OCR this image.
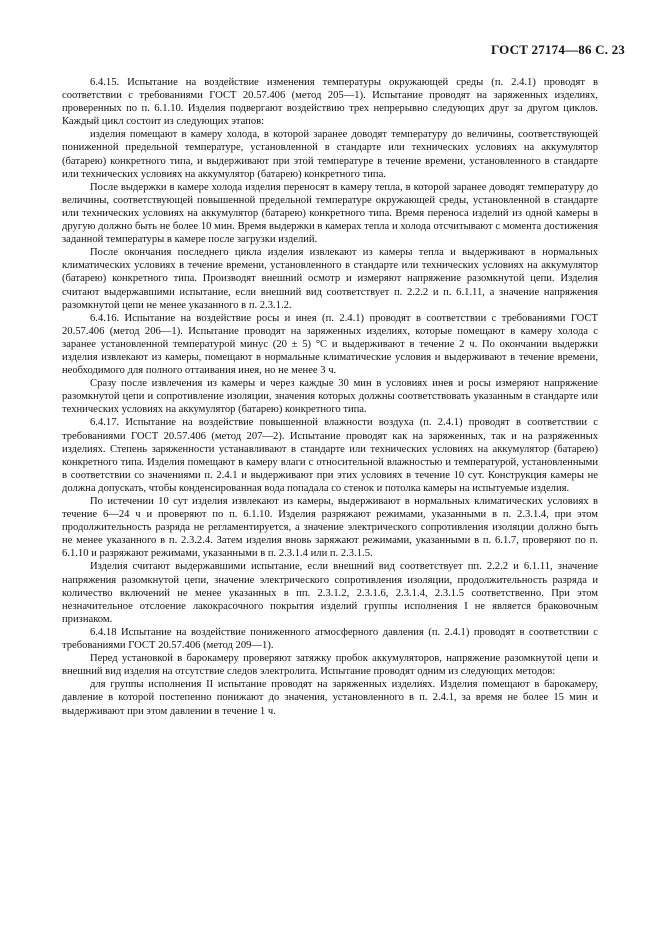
ГОСТ 27174—86 С. 23

6.4.15. Испытание на воздействие изменения температуры окружающей среды (п. 2.4.1) проводят в соответствии с требованиями ГОСТ 20.57.406 (метод 205—1). Испытание проводят на заряженных изделиях, проверенных по п. 6.1.10. Изделия подвергают воздействию трех непрерывно следующих друг за другом циклов. Каждый цикл состоит из следующих этапов:

изделия помещают в камеру холода, в которой заранее доводят температуру до величины, соответствующей пониженной предельной температуре, установленной в стандарте или технических условиях на аккумулятор (батарею) конкретного типа, и выдерживают при этой температуре в течение времени, установленного в стандарте или технических условиях на аккумулятор (батарею) конкретного типа.

После выдержки в камере холода изделия переносят в камеру тепла, в которой заранее доводят температуру до величины, соответствующей повышенной предельной температуре окружающей среды, установленной в стандарте или технических условиях на аккумулятор (батарею) конкретного типа. Время переноса изделий из одной камеры в другую должно быть не более 10 мин. Время выдержки в камерах тепла и холода отсчитывают с момента достижения заданной температуры в камере после загрузки изделий.

После окончания последнего цикла изделия извлекают из камеры тепла и выдерживают в нормальных климатических условиях в течение времени, установленного в стандарте или технических условиях на аккумулятор (батарею) конкретного типа. Производят внешний осмотр и измеряют напряжение разомкнутой цепи. Изделия считают выдержавшими испытание, если внешний вид соответствует п. 2.2.2 и п. 6.1.11, а значение напряжения разомкнутой цепи не менее указанного в п. 2.3.1.2.

6.4.16. Испытание на воздействие росы и инея (п. 2.4.1) проводят в соответствии с требованиями ГОСТ 20.57.406 (метод 206—1). Испытание проводят на заряженных изделиях, которые помещают в камеру холода с заранее установленной температурой минус (20 ± 5) °С и выдерживают в течение 2 ч. По окончании выдержки изделия извлекают из камеры, помещают в нормальные климатические условия и выдерживают в течение времени, необходимого для полного оттаивания инея, но не менее 3 ч.

Сразу после извлечения из камеры и через каждые 30 мин в условиях инея и росы измеряют напряжение разомкнутой цепи и сопротивление изоляции, значения которых должны соответствовать указанным в стандарте или технических условиях на аккумулятор (батарею) конкретного типа.

6.4.17. Испытание на воздействие повышенной влажности воздуха (п. 2.4.1) проводят в соответствии с требованиями ГОСТ 20.57.406 (метод 207—2). Испытание проводят как на заряженных, так и на разряженных изделиях. Степень заряженности устанавливают в стандарте или технических условиях на аккумулятор (батарею) конкретного типа. Изделия помещают в камеру влаги с относительной влажностью и температурой, установленными в соответствии со значениями п. 2.4.1 и выдерживают при этих условиях в течение 10 сут. Конструкция камеры не должна допускать, чтобы конденсированная вода попадала со стенок и потолка камеры на испытуемые изделия.

По истечении 10 сут изделия извлекают из камеры, выдерживают в нормальных климатических условиях в течение 6—24 ч и проверяют по п. 6.1.10. Изделия разряжают режимами, указанными в п. 2.3.1.4, при этом продолжительность разряда не регламентируется, а значение электрического сопротивления изоляции должно быть не менее указанного в п. 2.3.2.4. Затем изделия вновь заряжают режимами, указанными в п. 6.1.7, проверяют по п. 6.1.10 и разряжают режимами, указанными в п. 2.3.1.4 или п. 2.3.1.5.

Изделия считают выдержавшими испытание, если внешний вид соответствует пп. 2.2.2 и 6.1.11, значение напряжения разомкнутой цепи, значение электрического сопротивления изоляции, продолжительность разряда и количество включений не менее указанных в пп. 2.3.1.2, 2.3.1.6, 2.3.1.4, 2.3.1.5 соответственно. При этом незначительное отслоение лакокрасочного покрытия изделий группы исполнения I не является браковочным признаком.

6.4.18 Испытание на воздействие пониженного атмосферного давления (п. 2.4.1) проводят в соответствии с требованиями ГОСТ 20.57.406 (метод 209—1).

Перед установкой в барокамеру проверяют затяжку пробок аккумуляторов, напряжение разомкнутой цепи и внешний вид изделия на отсутствие следов электролита. Испытание проводят одним из следующих методов:

для группы исполнения II испытание проводят на заряженных изделиях. Изделия помещают в барокамеру, давление в которой постепенно понижают до значения, установленного в п. 2.4.1, за время не более 15 мин и выдерживают при этом давлении в течение 1 ч.
